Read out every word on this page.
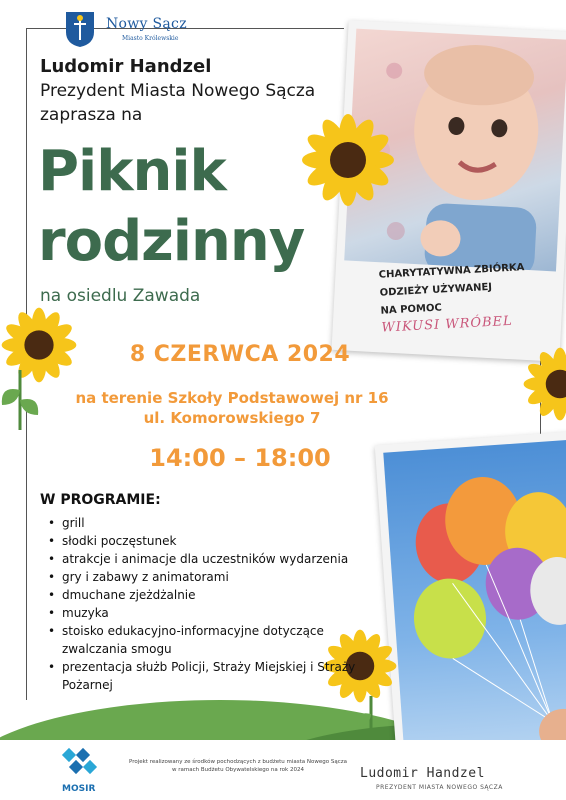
CHARYTATYWNA ZBIÓRKA
ODZIEŻY UŻYWANEJ
NA POMOC
WIKUSI WRÓBEL
Nowy Sącz
Miasto Królewskie
Ludomir Handzel
Prezydent Miasta Nowego Sącza
zaprasza na
Piknik
rodzinny
na osiedlu Zawada
8 CZERWCA 2024
na terenie Szkoły Podstawowej nr 16
ul. Komorowskiego 7
14:00 – 18:00
W PROGRAMIE:
• grill
• słodki poczęstunek
• atrakcje i animacje dla uczestników wydarzenia
• gry i zabawy z animatorami
• dmuchane zjeżdżalnie
• muzyka
• stoisko edukacyjno-informacyjne dotyczące zwalczania smogu
• prezentacja służb Policji, Straży Miejskiej i Straży Pożarnej
MOSIR
Projekt realizowany ze środków pochodzących z budżetu miasta Nowego Sącza
w ramach Budżetu Obywatelskiego na rok 2024	Ludomir Handzel
PREZYDENT MIASTA NOWEGO SĄCZA
